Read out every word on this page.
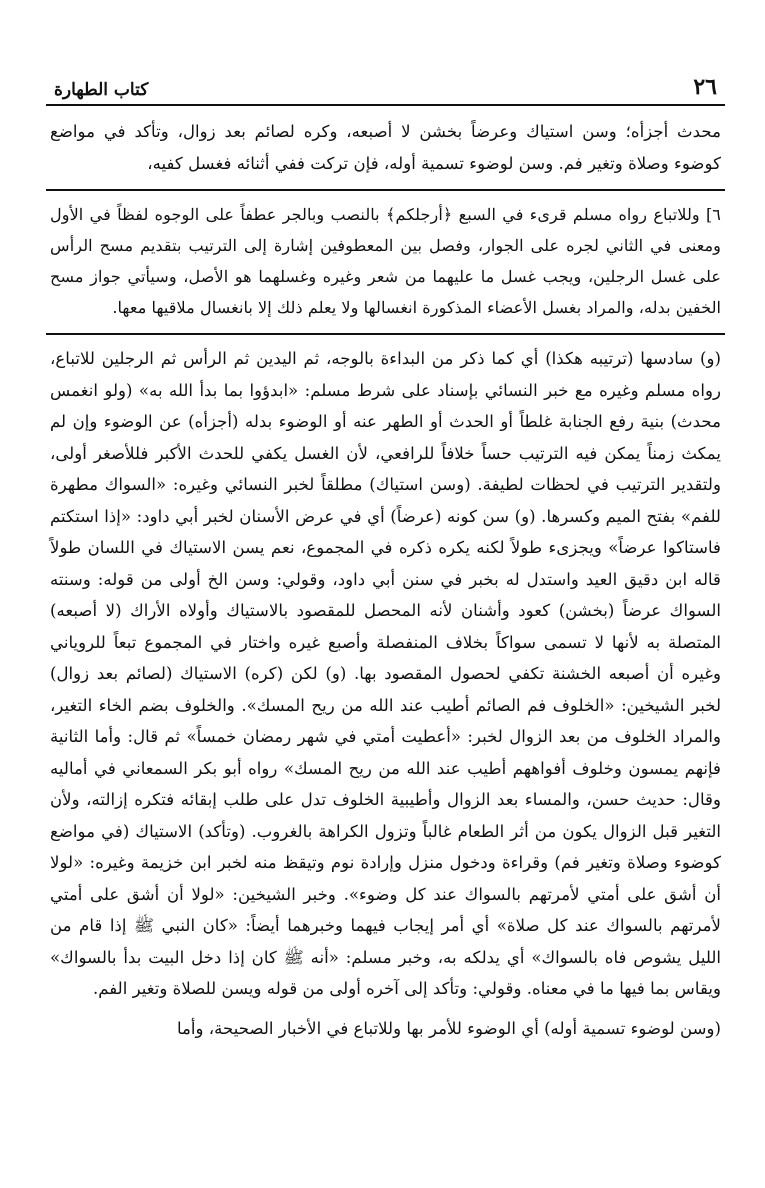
٢٦
كتاب الطهارة

محدث أجزأه؛ وسن استياك وعرضاً بخشن لا أصبعه، وكره لصائم بعد زوال، وتأكد في مواضع كوضوء وصلاة وتغير فم. وسن لوضوء تسمية أوله، فإن تركت ففي أثنائه فغسل كفيه،

٦] وللاتباع رواه مسلم قرىء في السبع ﴿أرجلكم﴾ بالنصب وبالجر عطفاً على الوجوه لفظاً في الأول ومعنى في الثاني لجره على الجوار، وفصل بين المعطوفين إشارة إلى الترتيب بتقديم مسح الرأس على غسل الرجلين، ويجب غسل ما عليهما من شعر وغيره وغسلهما هو الأصل، وسيأتي جواز مسح الخفين بدله، والمراد بغسل الأعضاء المذكورة انغسالها ولا يعلم ذلك إلا بانغسال ملاقيها معها.

(و) سادسها (ترتيبه هكذا) أي كما ذكر من البداءة بالوجه، ثم اليدين ثم الرأس ثم الرجلين للاتباع، رواه مسلم وغيره مع خبر النسائي بإسناد على شرط مسلم: «ابدؤوا بما بدأ الله به» (ولو انغمس محدث) بنية رفع الجنابة غلطاً أو الحدث أو الطهر عنه أو الوضوء بدله (أجزأه) عن الوضوء وإن لم يمكث زمناً يمكن فيه الترتيب حساً خلافاً للرافعي، لأن الغسل يكفي للحدث الأكبر فللأصغر أولى، ولتقدير الترتيب في لحظات لطيفة. (وسن استياك) مطلقاً لخبر النسائي وغيره: «السواك مطهرة للفم» بفتح الميم وكسرها. (و) سن كونه (عرضاً) أي في عرض الأسنان لخبر أبي داود: «إذا استكتم فاستاكوا عرضاً» ويجزىء طولاً لكنه يكره ذكره في المجموع، نعم يسن الاستياك في اللسان طولاً قاله ابن دقيق العيد واستدل له بخبر في سنن أبي داود، وقولي: وسن الخ أولى من قوله: وسنته السواك عرضاً (بخشن) كعود وأشنان لأنه المحصل للمقصود بالاستياك وأولاه الأراك (لا أصبعه) المتصلة به لأنها لا تسمى سواكاً بخلاف المنفصلة وأصبع غيره واختار في المجموع تبعاً للروياني وغيره أن أصبعه الخشنة تكفي لحصول المقصود بها. (و) لكن (كره) الاستياك (لصائم بعد زوال) لخبر الشيخين: «الخلوف فم الصائم أطيب عند الله من ريح المسك». والخلوف بضم الخاء التغير، والمراد الخلوف من بعد الزوال لخبر: «أعطيت أمتي في شهر رمضان خمساً» ثم قال: وأما الثانية فإنهم يمسون وخلوف أفواههم أطيب عند الله من ريح المسك» رواه أبو بكر السمعاني في أماليه وقال: حديث حسن، والمساء بعد الزوال وأطيبية الخلوف تدل على طلب إبقائه فتكره إزالته، ولأن التغير قبل الزوال يكون من أثر الطعام غالباً وتزول الكراهة بالغروب. (وتأكد) الاستياك (في مواضع كوضوء وصلاة وتغير فم) وقراءة ودخول منزل وإرادة نوم وتيقظ منه لخبر ابن خزيمة وغيره: «لولا أن أشق على أمتي لأمرتهم بالسواك عند كل وضوء». وخبر الشيخين: «لولا أن أشق على أمتي لأمرتهم بالسواك عند كل صلاة» أي أمر إيجاب فيهما وخبرهما أيضاً: «كان النبي ﷺ إذا قام من الليل يشوص فاه بالسواك» أي يدلكه به، وخبر مسلم: «أنه ﷺ كان إذا دخل البيت بدأ بالسواك» ويقاس بما فيها ما في معناه. وقولي: وتأكد إلى آخره أولى من قوله ويسن للصلاة وتغير الفم.

(وسن لوضوء تسمية أوله) أي الوضوء للأمر بها وللاتباع في الأخبار الصحيحة، وأما
